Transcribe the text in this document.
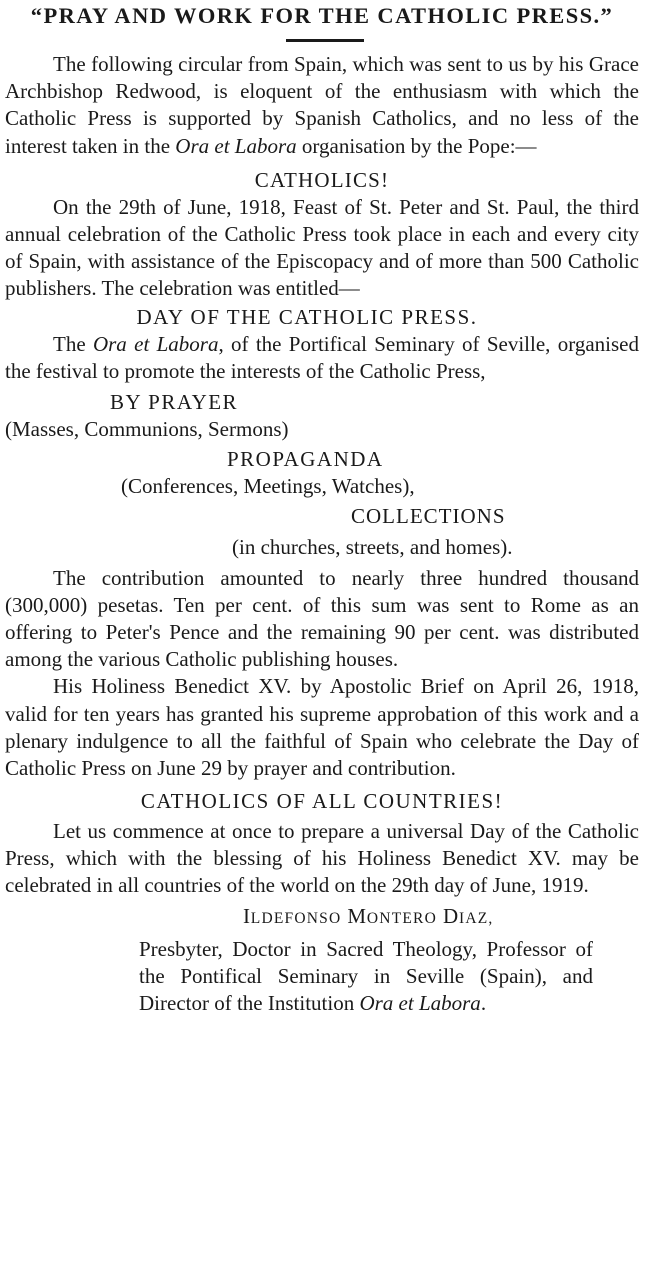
“PRAY AND WORK FOR THE CATHOLIC PRESS.”

The following circular from Spain, which was sent to us by his Grace Archbishop Redwood, is eloquent of the enthusiasm with which the Catholic Press is supported by Spanish Catholics, and no less of the interest taken in the Ora et Labora organisation by the Pope:—

CATHOLICS!

On the 29th of June, 1918, Feast of St. Peter and St. Paul, the third annual celebration of the Catholic Press took place in each and every city of Spain, with assistance of the Episcopacy and of more than 500 Catholic publishers. The celebration was entitled—

DAY OF THE CATHOLIC PRESS.

The Ora et Labora, of the Portifical Seminary of Seville, organised the festival to promote the interests of the Catholic Press,

BY PRAYER
(Masses, Communions, Sermons)
PROPAGANDA
(Conferences, Meetings, Watches),
COLLECTIONS
(in churches, streets, and homes).

The contribution amounted to nearly three hundred thousand (300,000) pesetas. Ten per cent. of this sum was sent to Rome as an offering to Peter's Pence and the remaining 90 per cent. was distributed among the various Catholic publishing houses.

His Holiness Benedict XV. by Apostolic Brief on April 26, 1918, valid for ten years has granted his supreme approbation of this work and a plenary indulgence to all the faithful of Spain who celebrate the Day of Catholic Press on June 29 by prayer and contribution.

CATHOLICS OF ALL COUNTRIES!

Let us commence at once to prepare a universal Day of the Catholic Press, which with the blessing of his Holiness Benedict XV. may be celebrated in all countries of the world on the 29th day of June, 1919.

ILDEFONSO MONTERO DIAZ,

Presbyter, Doctor in Sacred Theology, Professor of the Pontifical Seminary in Seville (Spain), and Director of the Institution Ora et Labora.
